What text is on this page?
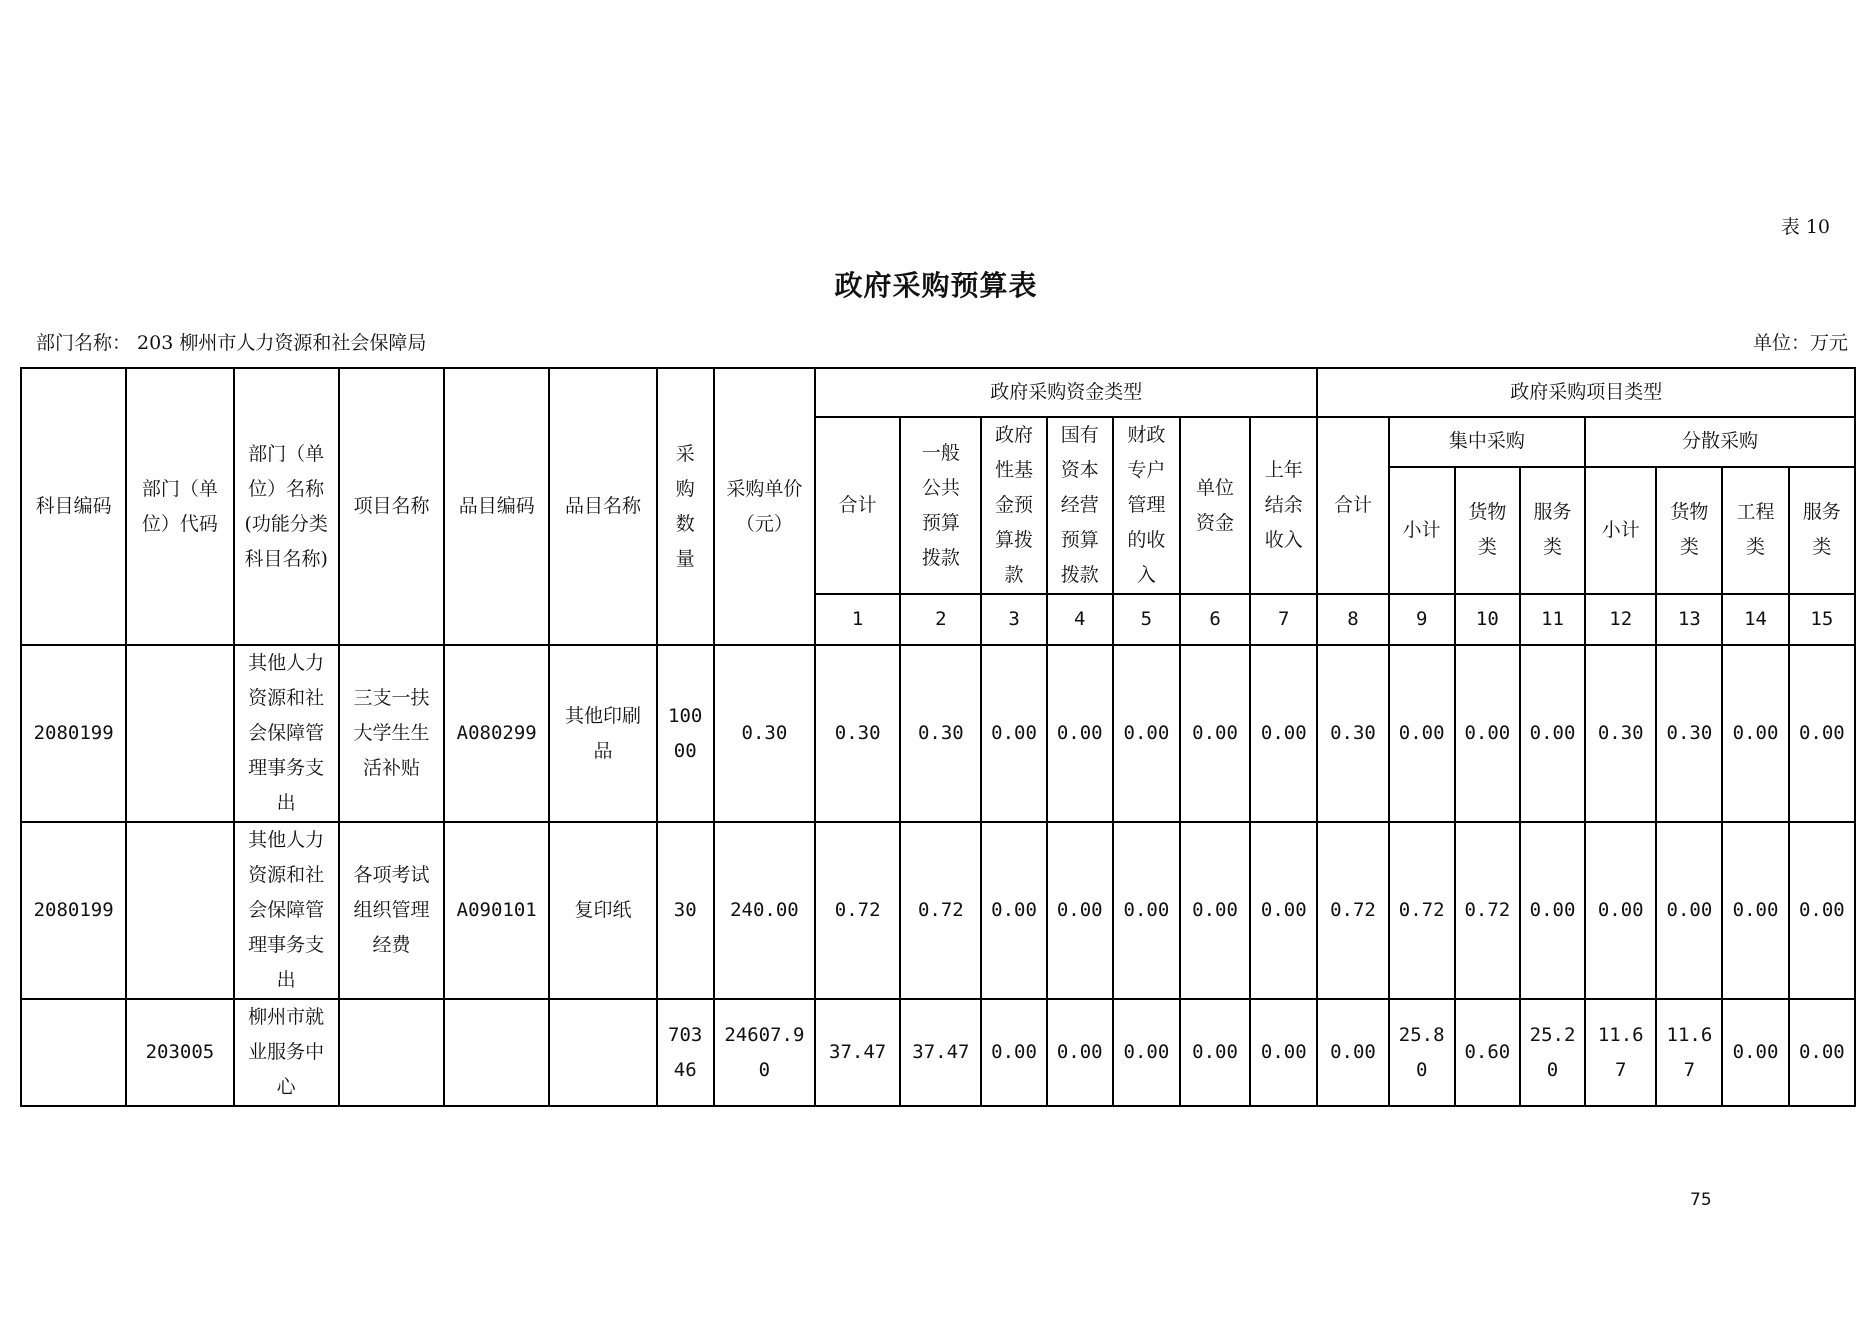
表 10
政府采购预算表
部门名称： 203 柳州市人力资源和社会保障局	单位：万元
科目编码	部门（单位）代码	部门（单位）名称(功能分类科目名称)	项目名称	品目编码	品目名称	采
购
数
量	采购单价（元）	政府采购资金类型							政府采购项目类型							
								合计	一般
公共
预算
拨款	政府
性基
金预
算拨
款	国有
资本
经营
预算
拨款	财政
专户
管理
的收
入	单位
资金	上年
结余
收入	合计	集中采购			分散采购			
																小计	货物
类	服务
类	小计	货物
类	工程
类	服务
类
								1	2	3	4	5	6	7	8	9	10	11	12	13	14	15
2080199		其他人力
资源和社
会保障管
理事务支
出	三支一扶
大学生生
活补贴	A080299	其他印刷
品	100
00	0.30	0.30	0.30	0.00	0.00	0.00	0.00	0.00	0.30	0.00	0.00	0.00	0.30	0.30	0.00	0.00
2080199		其他人力
资源和社
会保障管
理事务支
出	各项考试
组织管理
经费	A090101	复印纸	30	240.00	0.72	0.72	0.00	0.00	0.00	0.00	0.00	0.72	0.72	0.72	0.00	0.00	0.00	0.00	0.00
	203005	柳州市就
业服务中
心				703
46	24607.9
0	37.47	37.47	0.00	0.00	0.00	0.00	0.00	0.00	25.8
0	0.60	25.2
0	11.6
7	11.6
7	0.00	0.00
75
